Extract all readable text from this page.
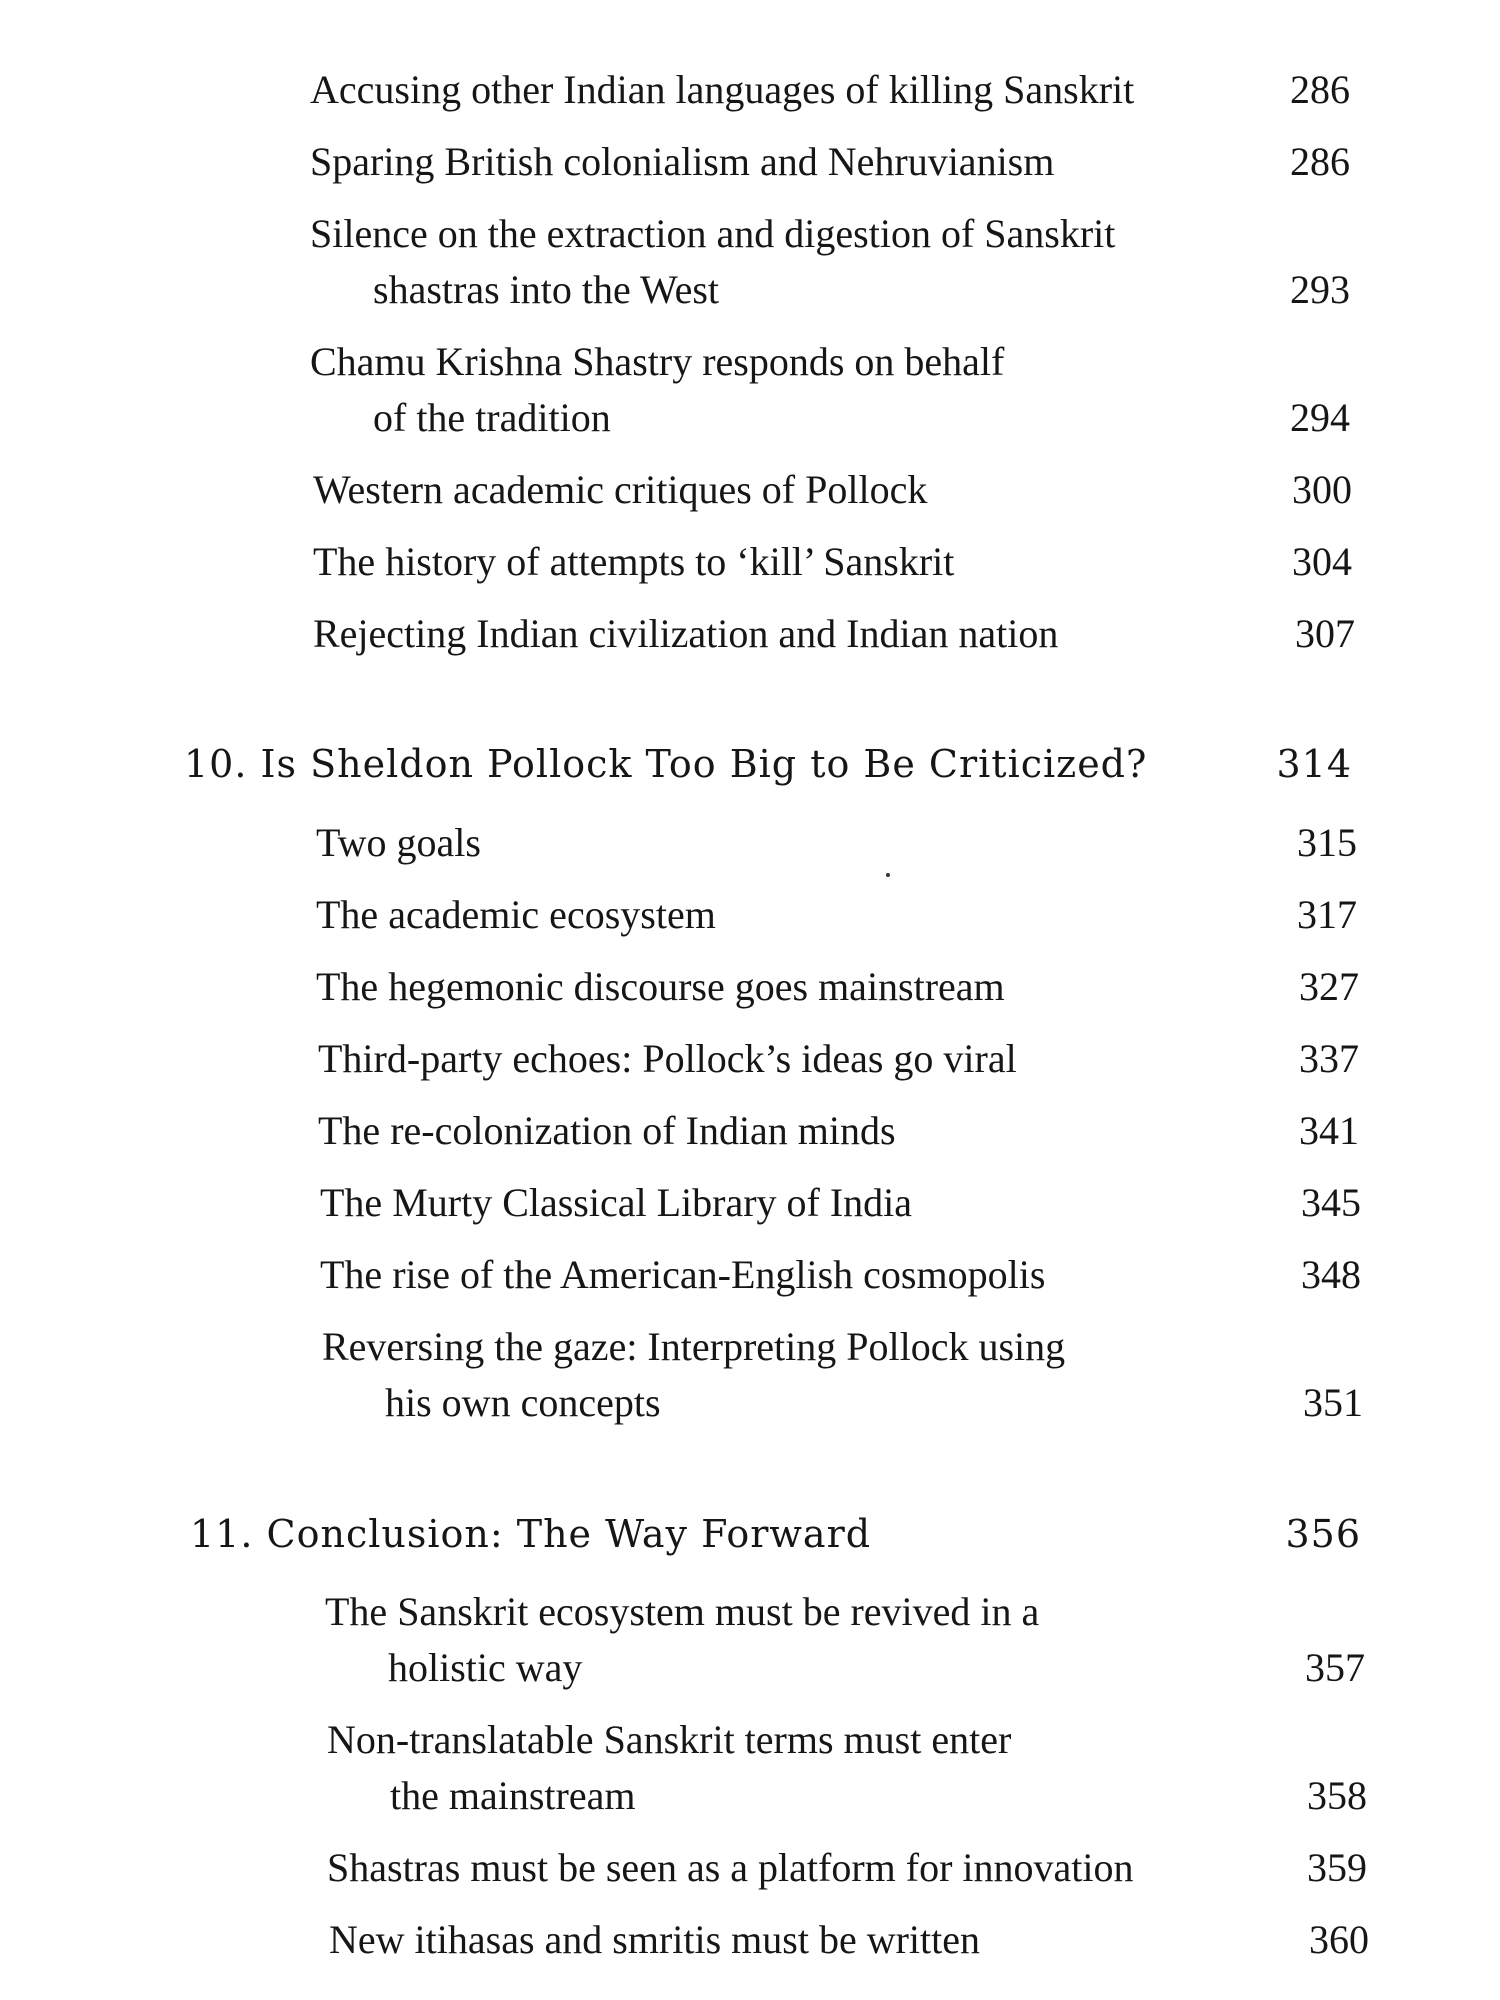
Accusing other Indian languages of killing Sanskrit	286
Sparing British colonialism and Nehruvianism	286
Silence on the extraction and digestion of Sanskrit
shastras into the West	293
Chamu Krishna Shastry responds on behalf
of the tradition	294
Western academic critiques of Pollock	300
The history of attempts to ‘kill’ Sanskrit	304
Rejecting Indian civilization and Indian nation	307
10. Is Sheldon Pollock Too Big to Be Criticized?	314
Two goals	315
The academic ecosystem	317
The hegemonic discourse goes mainstream	327
Third-party echoes: Pollock’s ideas go viral	337
The re-colonization of Indian minds	341
The Murty Classical Library of India	345
The rise of the American-English cosmopolis	348
Reversing the gaze: Interpreting Pollock using
his own concepts	351
11. Conclusion: The Way Forward	356
The Sanskrit ecosystem must be revived in a
holistic way	357
Non-translatable Sanskrit terms must enter
the mainstream	358
Shastras must be seen as a platform for innovation	359
New itihasas and smritis must be written	360
